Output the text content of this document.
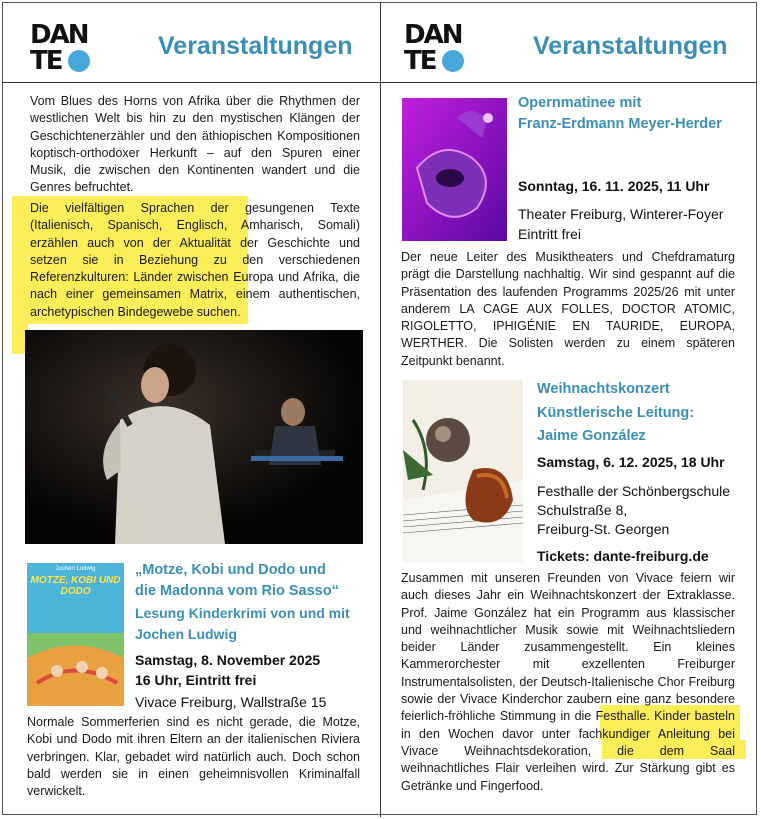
DAN
TE	Veranstaltungen DAN
TE	Veranstaltungen
Vom Blues des Horns von Afrika über die Rhythmen der westlichen Welt bis hin zu den mystischen Klängen der Geschichtenerzähler und den äthiopischen Kompositionen koptisch-orthodoxer Herkunft – auf den Spuren einer Musik, die zwischen den Kontinenten wandert und die Genres befruchtet.
Die vielfältigen Sprachen der gesungenen Texte (Italienisch, Spanisch, Englisch, Amharisch, Somali) erzählen auch von der Aktualität der Geschichte und setzen sie in Beziehung zu den verschiedenen Referenzkulturen: Länder zwischen Europa und Afrika, die nach einer gemeinsamen Matrix, einem authentischen, archetypischen Bindegewebe suchen.
Jochen Ludwig
MOTZE, KOBI UND DODO
„Motze, Kobi und Dodo und
die Madonna vom Rio Sasso“
Lesung Kinderkrimi von und mit
Jochen Ludwig
Samstag, 8. November 2025
16 Uhr, Eintritt frei
Vivace Freiburg, Wallstraße 15
Normale Sommerferien sind es nicht gerade, die Motze, Kobi und Dodo mit ihren Eltern an der italienischen Riviera verbringen. Klar, gebadet wird natürlich auch. Doch schon bald werden sie in einen geheimnisvollen Kriminalfall verwickelt.
Opernmatinee mit
Franz-Erdmann Meyer-Herder
Sonntag, 16. 11. 2025, 11 Uhr
Theater Freiburg, Winterer-Foyer
Eintritt frei
Der neue Leiter des Musiktheaters und Chefdramaturg prägt die Darstellung nachhaltig. Wir sind gespannt auf die Präsentation des laufenden Programms 2025/26 mit unter anderem LA CAGE AUX FOLLES, DOCTOR ATOMIC, RIGOLETTO, IPHIGÉNIE EN TAURIDE, EUROPA, WERTHER. Die Solisten werden zu einem späteren Zeitpunkt benannt.
Weihnachtskonzert
Künstlerische Leitung:
Jaime González
Samstag, 6. 12. 2025, 18 Uhr
Festhalle der Schönbergschule
Schulstraße 8,
Freiburg-St. Georgen
Tickets: dante-freiburg.de
Zusammen mit unseren Freunden von Vivace feiern wir auch dieses Jahr ein Weihnachtskonzert der Extraklasse. Prof. Jaime González hat ein Programm aus klassischer und weihnachtlicher Musik sowie mit Weihnachtsliedern beider Länder zusammengestellt. Ein kleines Kammerorchester mit exzellenten Freiburger Instrumentalsolisten, der Deutsch-Italienische Chor Freiburg sowie der Vivace Kinderchor zaubern eine ganz besondere feierlich-fröhliche Stimmung in die Festhalle. Kinder basteln in den Wochen davor unter fachkundiger Anleitung bei Vivace Weihnachtsdekoration, die dem Saal weihnachtliches Flair verleihen wird. Zur Stärkung gibt es Getränke und Fingerfood.
